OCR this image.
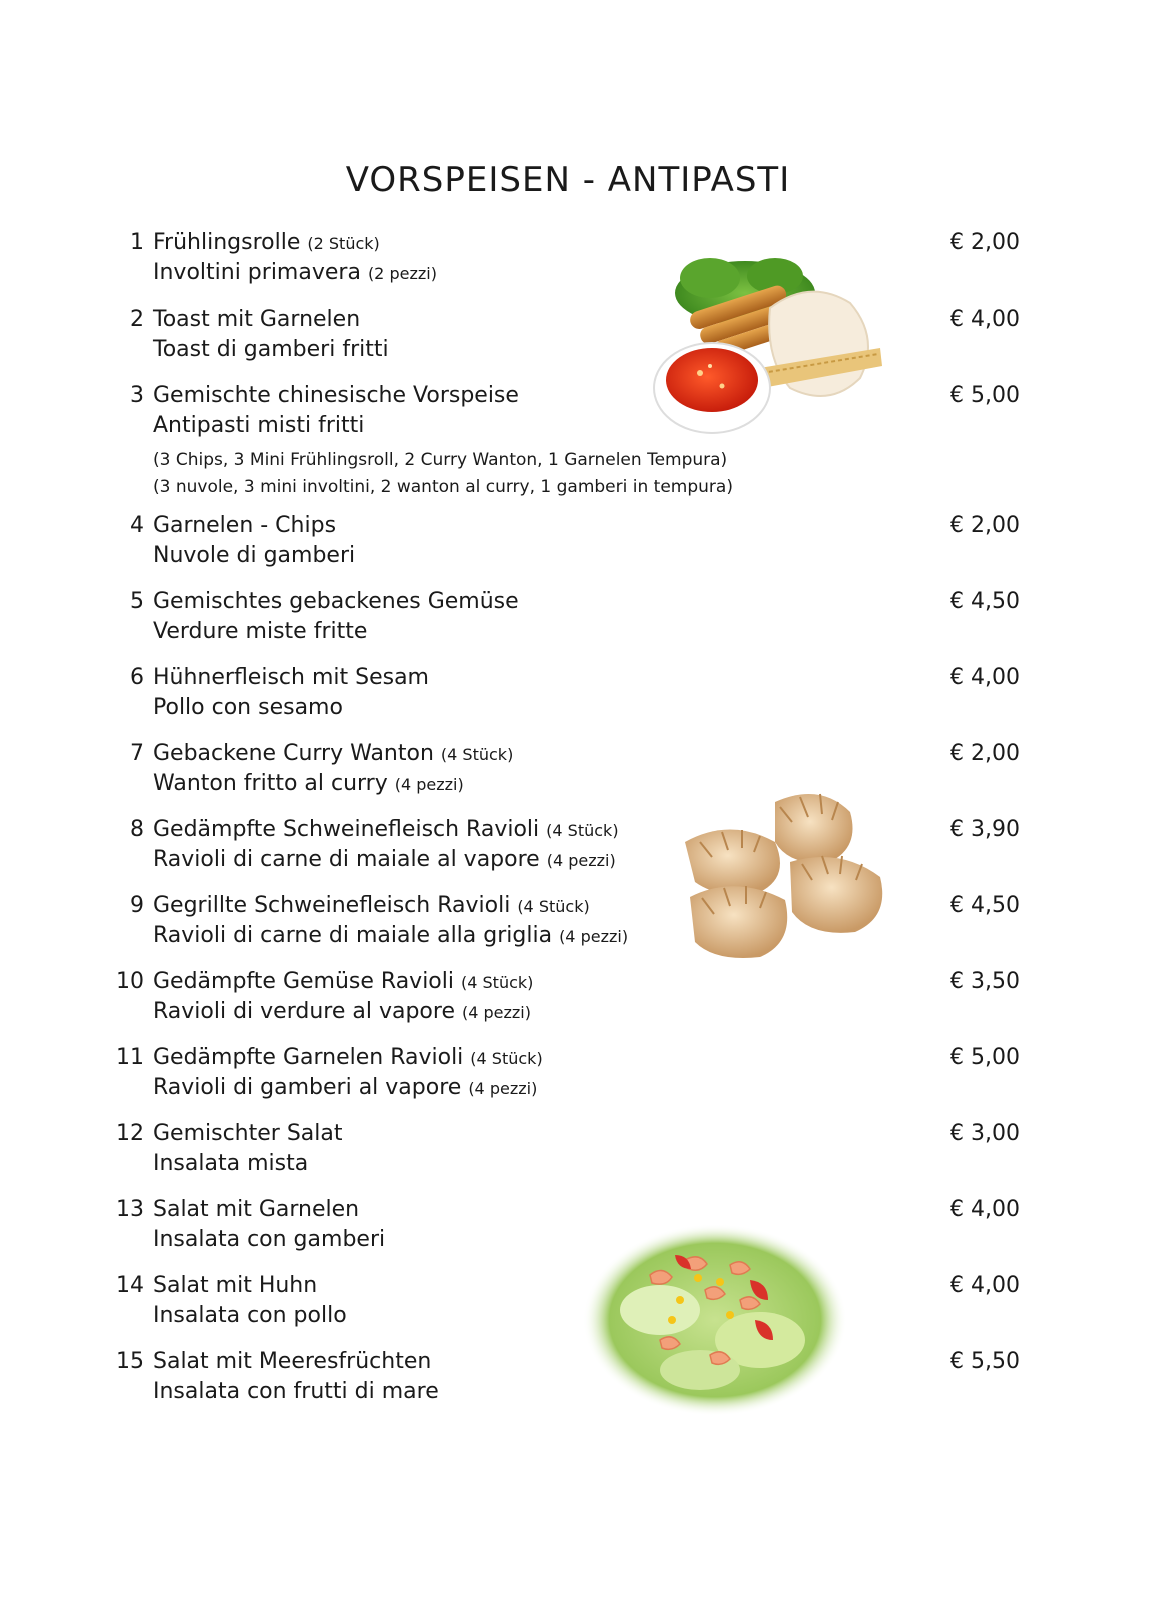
VORSPEISEN - ANTIPASTI
1 Frühlingsrolle (2 Stück)
Involtini primavera (2 pezzi)
€ 2,00
2 Toast mit Garnelen
Toast di gamberi fritti
€ 4,00
3 Gemischte chinesische Vorspeise
Antipasti misti fritti
€ 5,00
(3 Chips, 3 Mini Frühlingsroll, 2 Curry Wanton, 1 Garnelen Tempura)
(3 nuvole, 3 mini involtini, 2 wanton al curry, 1 gamberi in tempura)
4 Garnelen - Chips
Nuvole di gamberi
€ 2,00
5 Gemischtes gebackenes Gemüse
Verdure miste fritte
€ 4,50
6 Hühnerfleisch mit Sesam
Pollo con sesamo
€ 4,00
7 Gebackene Curry Wanton (4 Stück)
Wanton fritto al curry (4 pezzi)
€ 2,00
8 Gedämpfte Schweinefleisch Ravioli (4 Stück)
Ravioli di carne di maiale al vapore (4 pezzi)
€ 3,90
9 Gegrillte Schweinefleisch Ravioli (4 Stück)
Ravioli di carne di maiale alla griglia (4 pezzi)
€ 4,50
10 Gedämpfte Gemüse Ravioli (4 Stück)
Ravioli di verdure al vapore (4 pezzi)
€ 3,50
11 Gedämpfte Garnelen Ravioli (4 Stück)
Ravioli di gamberi al vapore (4 pezzi)
€ 5,00
12 Gemischter Salat
Insalata mista
€ 3,00
13 Salat mit Garnelen
Insalata con gamberi
€ 4,00
14 Salat mit Huhn
Insalata con pollo
€ 4,00
15 Salat mit Meeresfrüchten
Insalata con frutti di mare
€ 5,50
